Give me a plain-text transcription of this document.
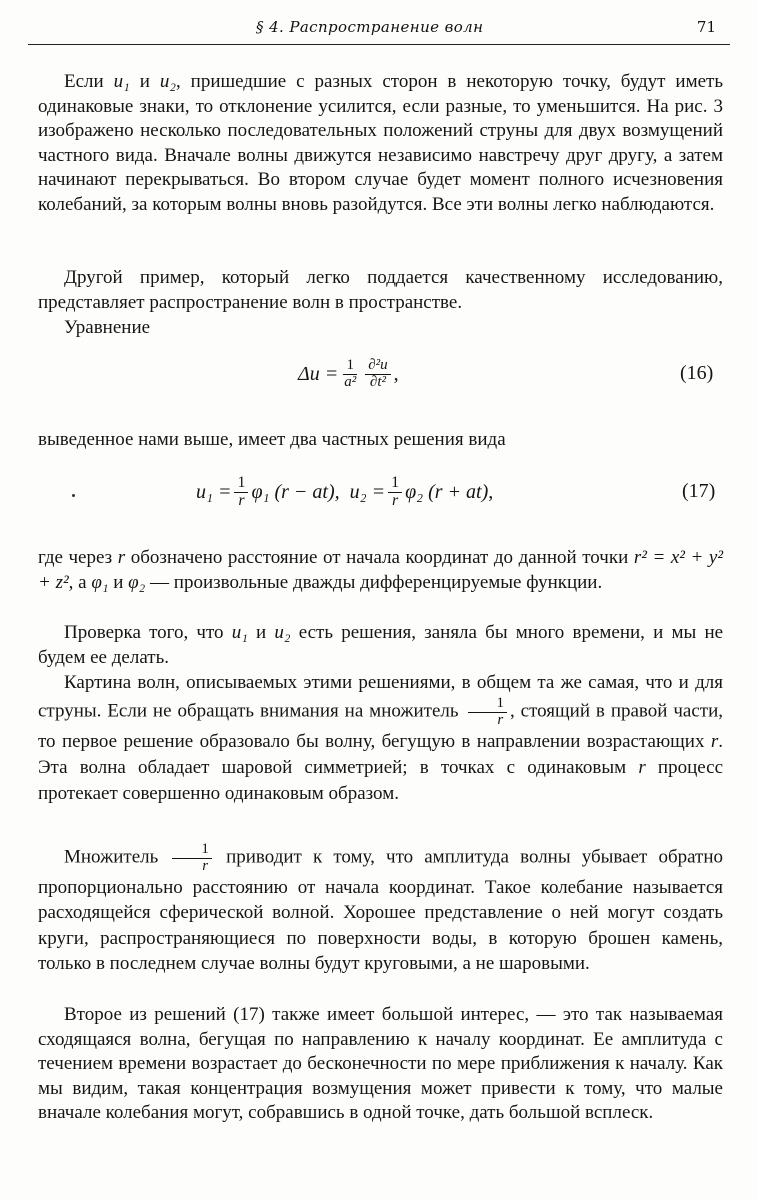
§ 4. Распространение волн	71

Если u₁ и u₂, пришедшие с разных сторон в некоторую точку, будут иметь одинаковые знаки, то отклонение усилится, если разные, то уменьшится. На рис. 3 изображено несколько последовательных положений струны для двух возмущений частного вида. Вначале волны движутся независимо навстречу друг другу, а затем начинают перекрываться. Во втором случае будет момент полного исчезновения колебаний, за которым волны вновь разойдутся. Все эти волны легко наблюдаются.

Другой пример, который легко поддается качественному исследованию, представляет распространение волн в пространстве.

Уравнение

$\Delta u = \frac{1}{\text{a²}} \frac{\text{∂²u}}{\text{∂t²}}$ ,	(16)

выведенное нами выше, имеет два частных решения вида

$u_1 = \frac{1}{r} \varphi_1$ (r − at), $u_2 = \frac{1}{r} \varphi_2$ (r + at),	(17)

где через r обозначено расстояние от начала координат до данной точки r² = x² + y² + z², а φ₁ и φ₂ — произвольные дважды дифференцируемые функции.

Проверка того, что u₁ и u₂ есть решения, заняла бы много времени, и мы не будем ее делать.

Картина волн, описываемых этими решениями, в общем та же самая, что и для струны. Если не обращать внимания на множитель $\frac{1}{r}$ , стоящий в правой части, то первое решение образовало бы волну, бегущую в направлении возрастающих r. Эта волна обладает шаровой симметрией; в точках с одинаковым r процесс протекает совершенно одинаковым образом.

Множитель $\frac{1}{r}$ приводит к тому, что амплитуда волны убывает обратно пропорционально расстоянию от начала координат. Такое колебание называется расходящейся сферической волной. Хорошее представление о ней могут создать круги, распространяющиеся по поверхности воды, в которую брошен камень, только в последнем случае волны будут круговыми, а не шаровыми.

Второе из решений (17) также имеет большой интерес, — это так называемая сходящаяся волна, бегущая по направлению к началу координат. Ее амплитуда с течением времени возрастает до бесконечности по мере приближения к началу. Как мы видим, такая концентрация возмущения может привести к тому, что малые вначале колебания могут, собравшись в одной точке, дать большой всплеск.
